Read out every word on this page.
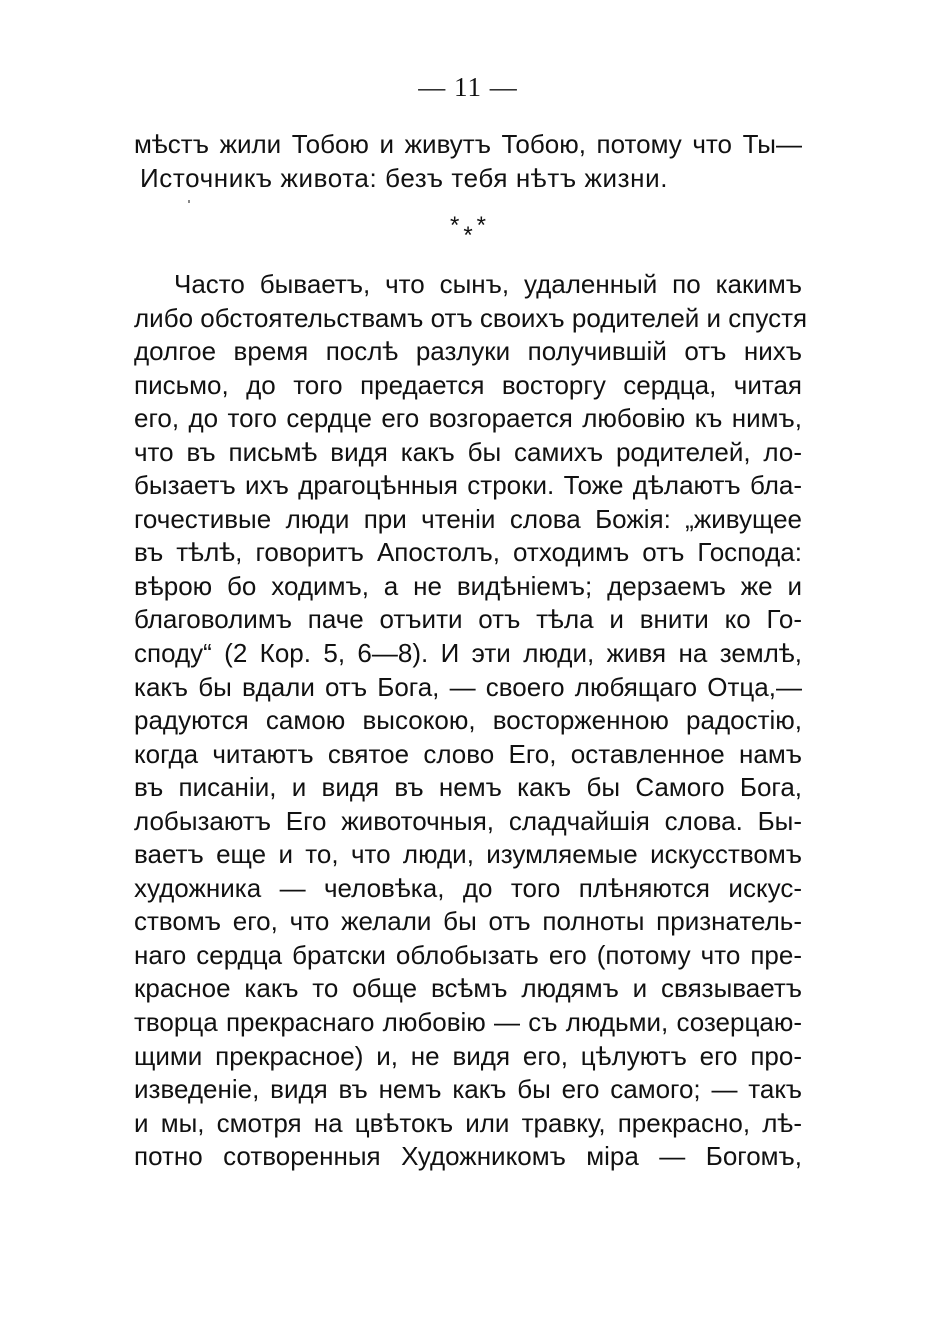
— 11 —
мѣстъ жили Тобою и живутъ Тобою, потому что Ты—
Источникъ живота: безъ тебя нѣтъ жизни.
* * *
Часто бываетъ, что сынъ, удаленный по какимъ
либо обстоятельствамъ отъ своихъ родителей и спустя
долгое время послѣ разлуки получившій отъ нихъ
письмо, до того предается восторгу сердца, читая
его, до того сердце его возгорается любовію къ нимъ,
что въ письмѣ видя какъ бы самихъ родителей, ло-
бызаетъ ихъ драгоцѣнныя строки. Тоже дѣлаютъ бла-
гочестивые люди при чтеніи слова Божія: „живущее
въ тѣлѣ, говоритъ Апостолъ, отходимъ отъ Господа:
вѣрою бо ходимъ, а не видѣніемъ; дерзаемъ же и
благоволимъ паче отъити отъ тѣла и внити ко Го-
споду“ (2 Кор. 5, 6—8). И эти люди, живя на землѣ,
какъ бы вдали отъ Бога, — своего любящаго Отца,—
радуются самою высокою, восторженною радостію,
когда читаютъ святое слово Его, оставленное намъ
въ писаніи, и видя въ немъ какъ бы Самого Бога,
лобызаютъ Его животочныя, сладчайшія слова. Бы-
ваетъ еще и то, что люди, изумляемые искусствомъ
художника — человѣка, до того плѣняются искус-
ствомъ его, что желали бы отъ полноты признатель-
наго сердца братски облобызать его (потому что пре-
красное какъ то обще всѣмъ людямъ и связываетъ
творца прекраснаго любовію — съ людьми, созерцаю-
щими прекрасное) и, не видя его, цѣлуютъ его про-
изведеніе, видя въ немъ какъ бы его самого; — такъ
и мы, смотря на цвѣтокъ или травку, прекрасно, лѣ-
потно сотворенныя Художникомъ міра — Богомъ,
